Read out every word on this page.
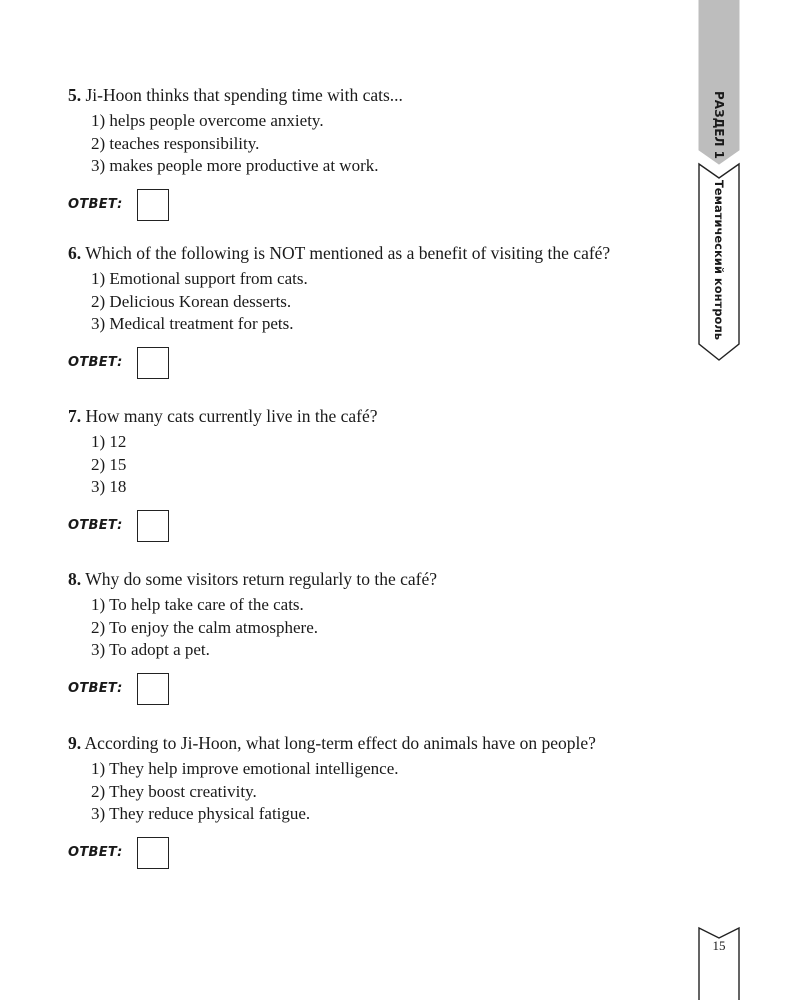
РАЗДЕЛ 1
Тематический контроль

5. Ji-Hoon thinks that spending time with cats...

1) helps people overcome anxiety.
2) teaches responsibility.
3) makes people more productive at work.
ОТВЕТ:

6. Which of the following is NOT mentioned as a benefit of visiting the café?

1) Emotional support from cats.
2) Delicious Korean desserts.
3) Medical treatment for pets.
ОТВЕТ:

7. How many cats currently live in the café?

1) 12
2) 15
3) 18
ОТВЕТ:

8. Why do some visitors return regularly to the café?

1) To help take care of the cats.
2) To enjoy the calm atmosphere.
3) To adopt a pet.
ОТВЕТ:

9. According to Ji-Hoon, what long-term effect do animals have on people?

1) They help improve emotional intelligence.
2) They boost creativity.
3) They reduce physical fatigue.
ОТВЕТ:
15
